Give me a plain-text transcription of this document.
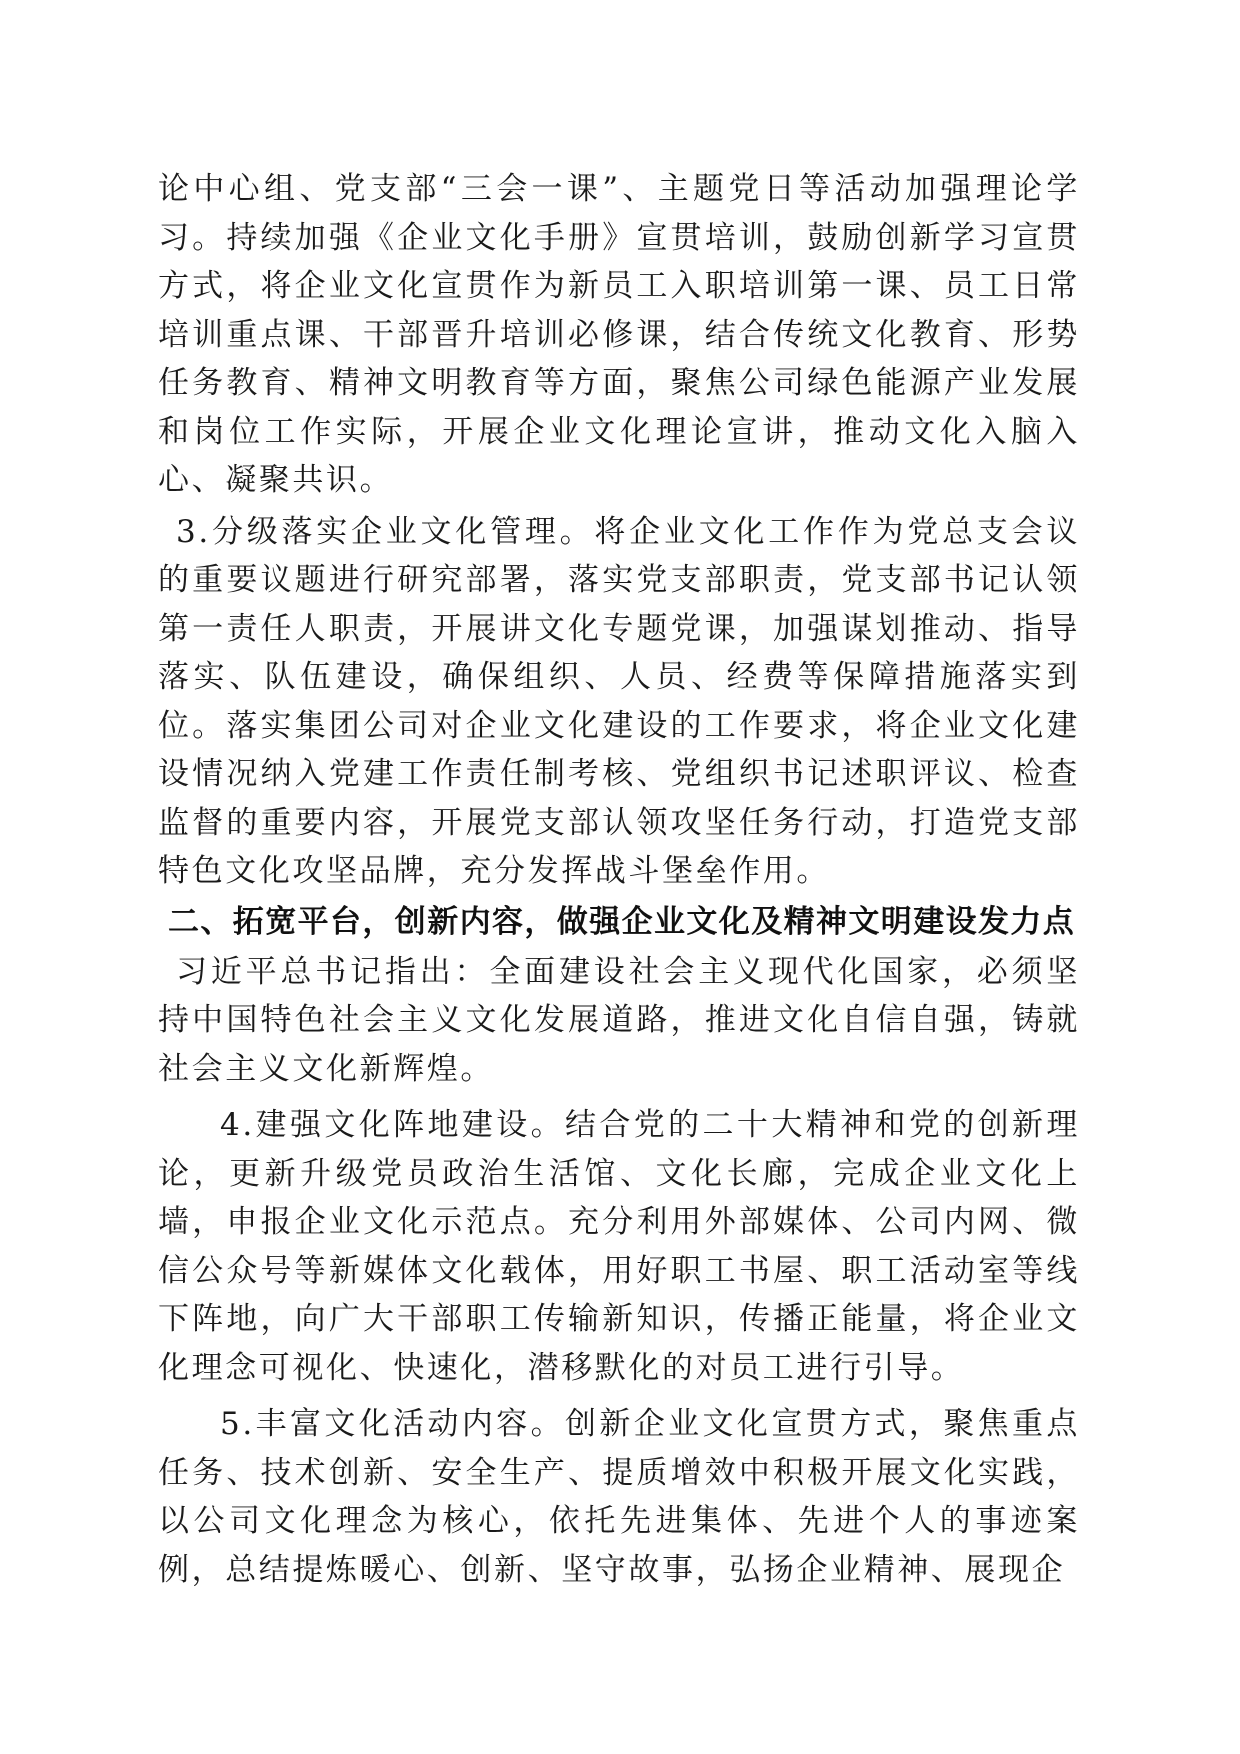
论中心组、党支部“三会一课”、主题党日等活动加强理论学习。持续加强《企业文化手册》宣贯培训，鼓励创新学习宣贯方式，将企业文化宣贯作为新员工入职培训第一课、员工日常培训重点课、干部晋升培训必修课，结合传统文化教育、形势任务教育、精神文明教育等方面，聚焦公司绿色能源产业发展和岗位工作实际，开展企业文化理论宣讲，推动文化入脑入心、凝聚共识。

3.分级落实企业文化管理。将企业文化工作作为党总支会议的重要议题进行研究部署，落实党支部职责，党支部书记认领第一责任人职责，开展讲文化专题党课，加强谋划推动、指导落实、队伍建设，确保组织、人员、经费等保障措施落实到位。落实集团公司对企业文化建设的工作要求，将企业文化建设情况纳入党建工作责任制考核、党组织书记述职评议、检查监督的重要内容，开展党支部认领攻坚任务行动，打造党支部特色文化攻坚品牌，充分发挥战斗堡垒作用。

二、拓宽平台，创新内容，做强企业文化及精神文明建设发力点

习近平总书记指出：全面建设社会主义现代化国家，必须坚持中国特色社会主义文化发展道路，推进文化自信自强，铸就社会主义文化新辉煌。

4.建强文化阵地建设。结合党的二十大精神和党的创新理论，更新升级党员政治生活馆、文化长廊，完成企业文化上墙，申报企业文化示范点。充分利用外部媒体、公司内网、微信公众号等新媒体文化载体，用好职工书屋、职工活动室等线下阵地，向广大干部职工传输新知识，传播正能量，将企业文化理念可视化、快速化，潜移默化的对员工进行引导。

5.丰富文化活动内容。创新企业文化宣贯方式，聚焦重点任务、技术创新、安全生产、提质增效中积极开展文化实践，以公司文化理念为核心，依托先进集体、先进个人的事迹案例，总结提炼暖心、创新、坚守故事，弘扬企业精神、展现企
